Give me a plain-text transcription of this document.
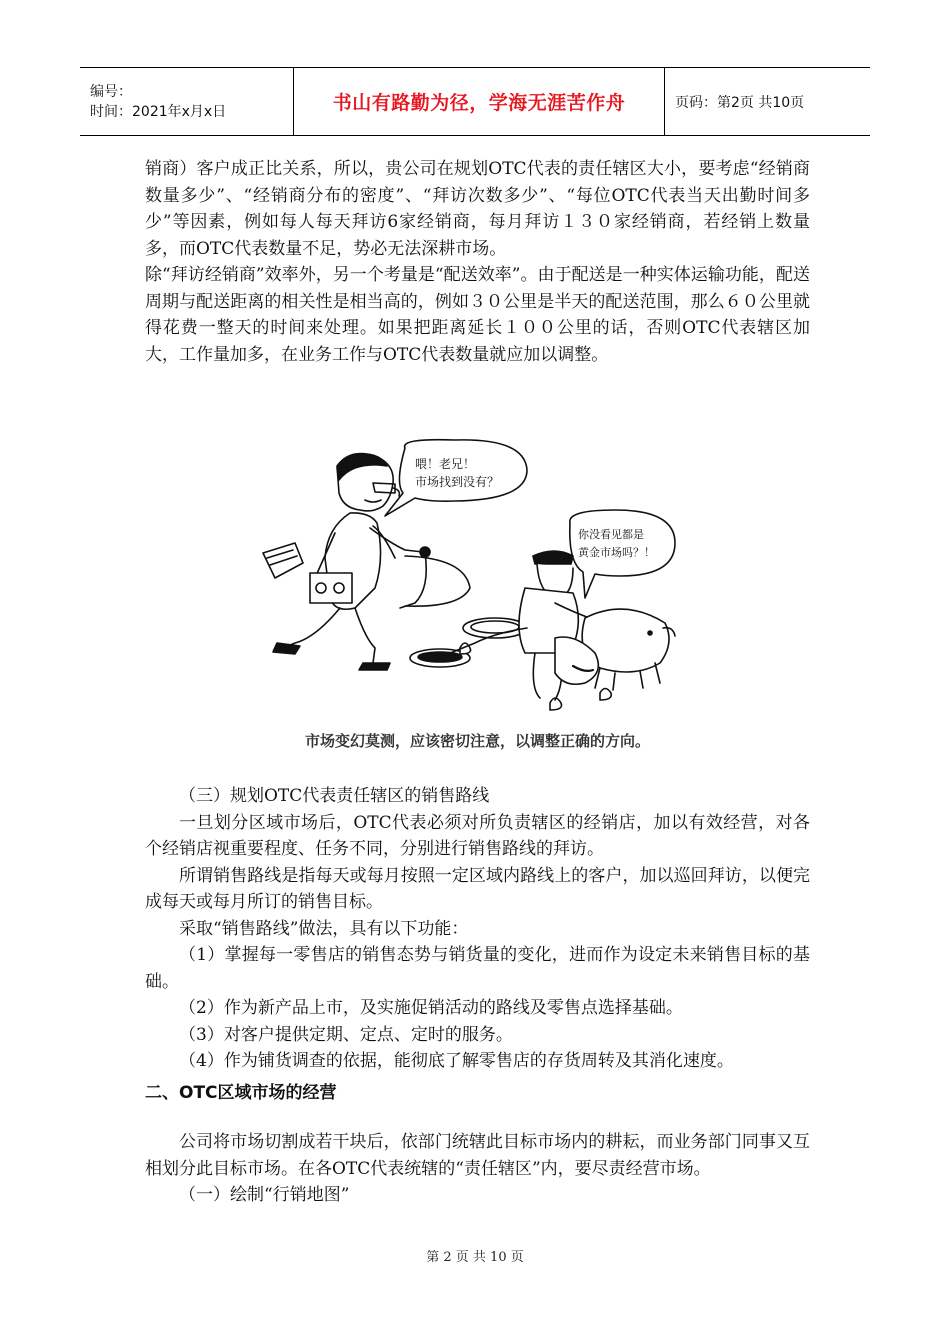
编号：
时间：2021年x月x日	书山有路勤为径，学海无涯苦作舟	页码：第2页 共10页

销商）客户成正比关系，所以，贵公司在规划OTC代表的责任辖区大小，要考虑“经销商数量多少”、“经销商分布的密度”、“拜访次数多少”、“每位OTC代表当天出勤时间多少”等因素，例如每人每天拜访6家经销商，每月拜访１３０家经销商，若经销上数量多，而OTC代表数量不足，势必无法深耕市场。

除“拜访经销商”效率外，另一个考量是“配送效率”。由于配送是一种实体运输功能，配送周期与配送距离的相关性是相当高的，例如３０公里是半天的配送范围，那么６０公里就得花费一整天的时间来处理。如果把距离延长１００公里的话，否则OTC代表辖区加大，工作量加多，在业务工作与OTC代表数量就应加以调整。

喂！老兄！
市场找到没有？
你没看见都是
黄金市场吗？！
市场变幻莫测，应该密切注意，以调整正确的方向。

（三）规划OTC代表责任辖区的销售路线

一旦划分区域市场后，OTC代表必须对所负责辖区的经销店，加以有效经营，对各个经销店视重要程度、任务不同，分别进行销售路线的拜访。

所谓销售路线是指每天或每月按照一定区域内路线上的客户，加以巡回拜访，以便完成每天或每月所订的销售目标。

采取“销售路线”做法，具有以下功能：

（1）掌握每一零售店的销售态势与销货量的变化，进而作为设定未来销售目标的基础。

（2）作为新产品上市，及实施促销活动的路线及零售点选择基础。

（3）对客户提供定期、定点、定时的服务。

（4）作为铺货调查的依据，能彻底了解零售店的存货周转及其消化速度。

二、OTC区域市场的经营

公司将市场切割成若干块后，依部门统辖此目标市场内的耕耘，而业务部门同事又互相划分此目标市场。在各OTC代表统辖的“责任辖区”内，要尽责经营市场。

（一）绘制“行销地图”

第 2 页 共 10 页
